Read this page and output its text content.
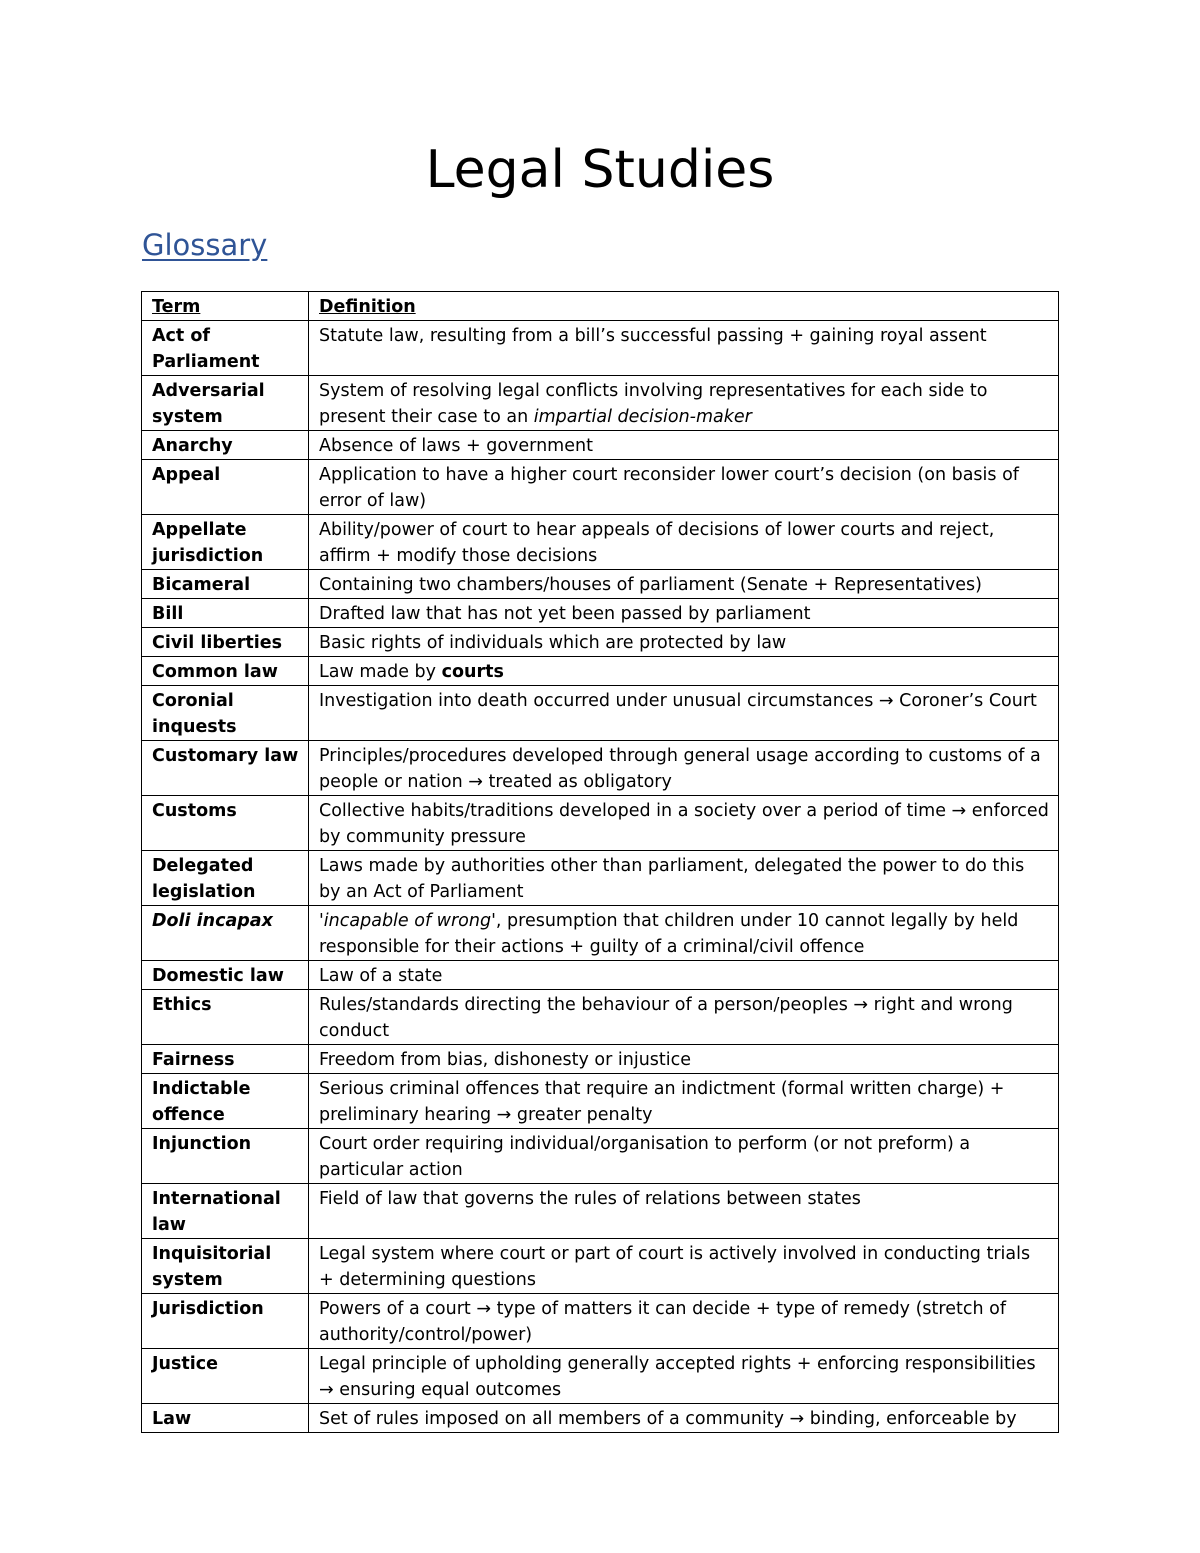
Legal Studies
Glossary
Term	Definition
Act of Parliament	Statute law, resulting from a bill’s successful passing + gaining royal assent
Adversarial system	System of resolving legal conflicts involving representatives for each side to present their case to an impartial decision-maker
Anarchy	Absence of laws + government
Appeal	Application to have a higher court reconsider lower court’s decision (on basis of error of law)
Appellate jurisdiction	Ability/power of court to hear appeals of decisions of lower courts and reject, affirm + modify those decisions
Bicameral	Containing two chambers/houses of parliament (Senate + Representatives)
Bill	Drafted law that has not yet been passed by parliament
Civil liberties	Basic rights of individuals which are protected by law
Common law	Law made by courts
Coronial inquests	Investigation into death occurred under unusual circumstances → Coroner’s Court
Customary law	Principles/procedures developed through general usage according to customs of a people or nation → treated as obligatory
Customs	Collective habits/traditions developed in a society over a period of time → enforced by community pressure
Delegated legislation	Laws made by authorities other than parliament, delegated the power to do this by an Act of Parliament
Doli incapax	'incapable of wrong', presumption that children under 10 cannot legally by held responsible for their actions + guilty of a criminal/civil offence
Domestic law	Law of a state
Ethics	Rules/standards directing the behaviour of a person/peoples → right and wrong conduct
Fairness	Freedom from bias, dishonesty or injustice
Indictable offence	Serious criminal offences that require an indictment (formal written charge) + preliminary hearing → greater penalty
Injunction	Court order requiring individual/organisation to perform (or not preform) a particular action
International law	Field of law that governs the rules of relations between states
Inquisitorial system	Legal system where court or part of court is actively involved in conducting trials + determining questions
Jurisdiction	Powers of a court → type of matters it can decide + type of remedy (stretch of authority/control/power)
Justice	Legal principle of upholding generally accepted rights + enforcing responsibilities → ensuring equal outcomes
Law	Set of rules imposed on all members of a community → binding, enforceable by
